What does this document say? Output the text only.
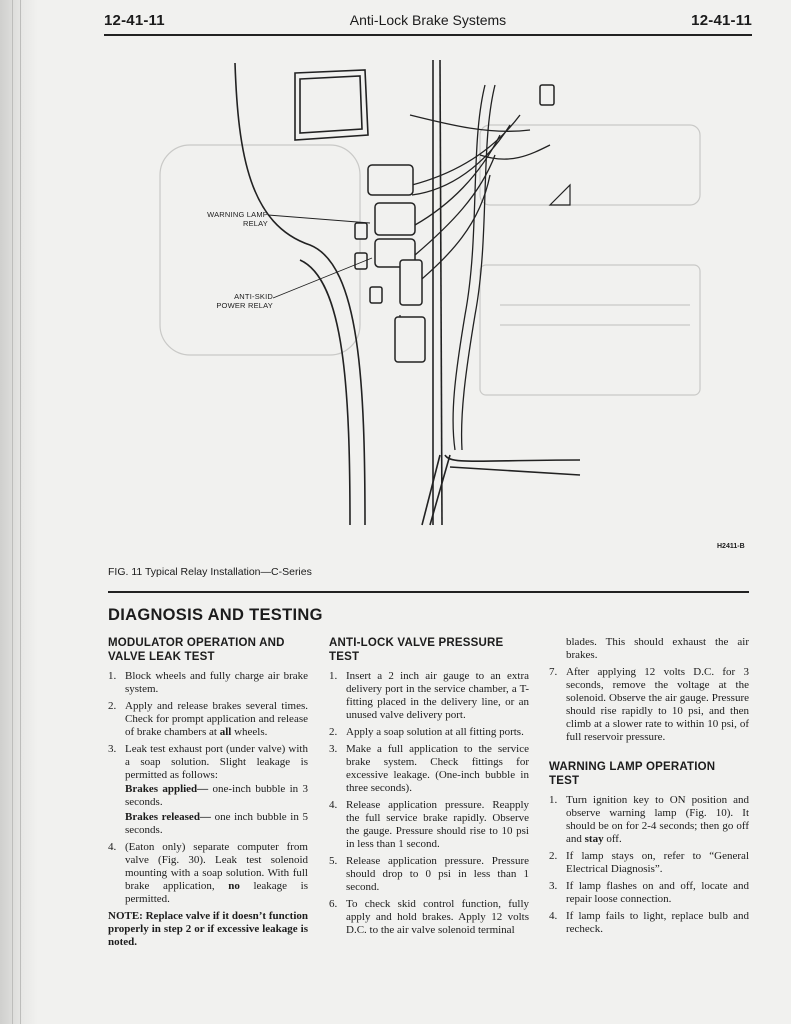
12-41-11	Anti-Lock Brake Systems	12-41-11
WARNING LAMP
RELAY
ANTI-SKID
POWER RELAY
H2411-B
FIG. 11 Typical Relay Installation—C-Series
DIAGNOSIS AND TESTING
MODULATOR OPERATION AND
VALVE LEAK TEST
1. Block wheels and fully charge air brake system.
2. Apply and release brakes several times. Check for prompt application and release of brake chambers at all wheels.
3. Leak test exhaust port (under valve) with a soap solution. Slight leakage is permitted as follows:

Brakes applied— one-inch bubble in 3 seconds.

Brakes released— one inch bubble in 5 seconds.

4. (Eaton only) separate computer from valve (Fig. 30). Leak test solenoid mounting with a soap solution. With full brake application, no leakage is permitted.

NOTE: Replace valve if it doesn’t function properly in step 2 or if excessive leakage is noted.

ANTI-LOCK VALVE PRESSURE
TEST
1. Insert a 2 inch air gauge to an extra delivery port in the service chamber, a T-fitting placed in the delivery line, or an unused valve delivery port.
2. Apply a soap solution at all fitting ports.
3. Make a full application to the service brake system. Check fittings for excessive leakage. (One-inch bubble in three seconds).
4. Release application pressure. Reapply the full service brake rapidly. Observe the gauge. Pressure should rise to 10 psi in less than 1 second.
5. Release application pressure. Pressure should drop to 0 psi in less than 1 second.
6. To check skid control function, fully apply and hold brakes. Apply 12 volts D.C. to the air valve solenoid terminal

blades. This should exhaust the air brakes.

7. After applying 12 volts D.C. for 3 seconds, remove the voltage at the solenoid. Observe the air gauge. Pressure should rise rapidly to 10 psi, and then climb at a slower rate to within 10 psi, of full reservoir pressure.
WARNING LAMP OPERATION
TEST
1. Turn ignition key to ON position and observe warning lamp (Fig. 10). It should be on for 2-4 seconds; then go off and stay off.
2. If lamp stays on, refer to “General Electrical Diagnosis”.
3. If lamp flashes on and off, locate and repair loose connection.
4. If lamp fails to light, replace bulb and recheck.
